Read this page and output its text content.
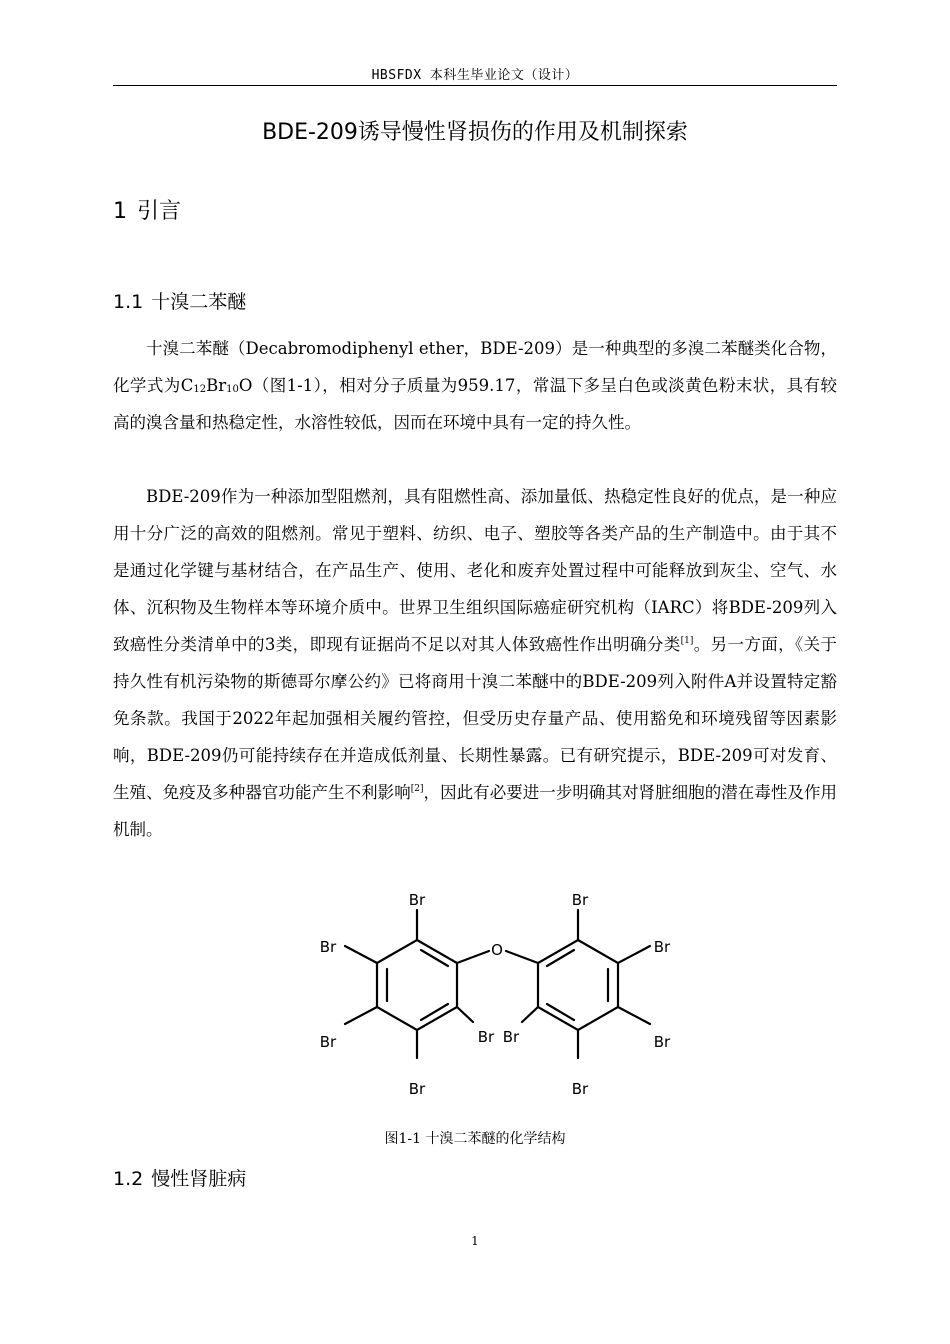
HBSFDX 本科生毕业论文（设计）
BDE-209诱导慢性肾损伤的作用及机制探索
1 引言
1.1 十溴二苯醚

十溴二苯醚（Decabromodiphenyl ether，BDE-209）是一种典型的多溴二苯醚类化合物，化学式为$C_{12}Br_{10}O$（图1-1），相对分子质量为959.17，常温下多呈白色或淡黄色粉末状，具有较高的溴含量和热稳定性，水溶性较低，因而在环境中具有一定的持久性。

BDE-209作为一种添加型阻燃剂，具有阻燃性高、添加量低、热稳定性良好的优点，是一种应用十分广泛的高效的阻燃剂。常见于塑料、纺织、电子、塑胶等各类产品的生产制造中。由于其不是通过化学键与基材结合，在产品生产、使用、老化和废弃处置过程中可能释放到灰尘、空气、水体、沉积物及生物样本等环境介质中。世界卫生组织国际癌症研究机构（IARC）将BDE-209列入致癌性分类清单中的3类，即现有证据尚不足以对其人体致癌性作出明确分类[1]。另一方面，《关于持久性有机污染物的斯德哥尔摩公约》已将商用十溴二苯醚中的BDE-209列入附件A并设置特定豁免条款。我国于2022年起加强相关履约管控，但受历史存量产品、使用豁免和环境残留等因素影响，BDE-209仍可能持续存在并造成低剂量、长期性暴露。已有研究提示，BDE-209可对发育、生殖、免疫及多种器官功能产生不利影响[2]，因此有必要进一步明确其对肾脏细胞的潜在毒性及作用机制。

O
Br
Br
Br
Br
Br
Br
Br
Br
Br
Br
图1-1 十溴二苯醚的化学结构
1.2 慢性肾脏病
1
